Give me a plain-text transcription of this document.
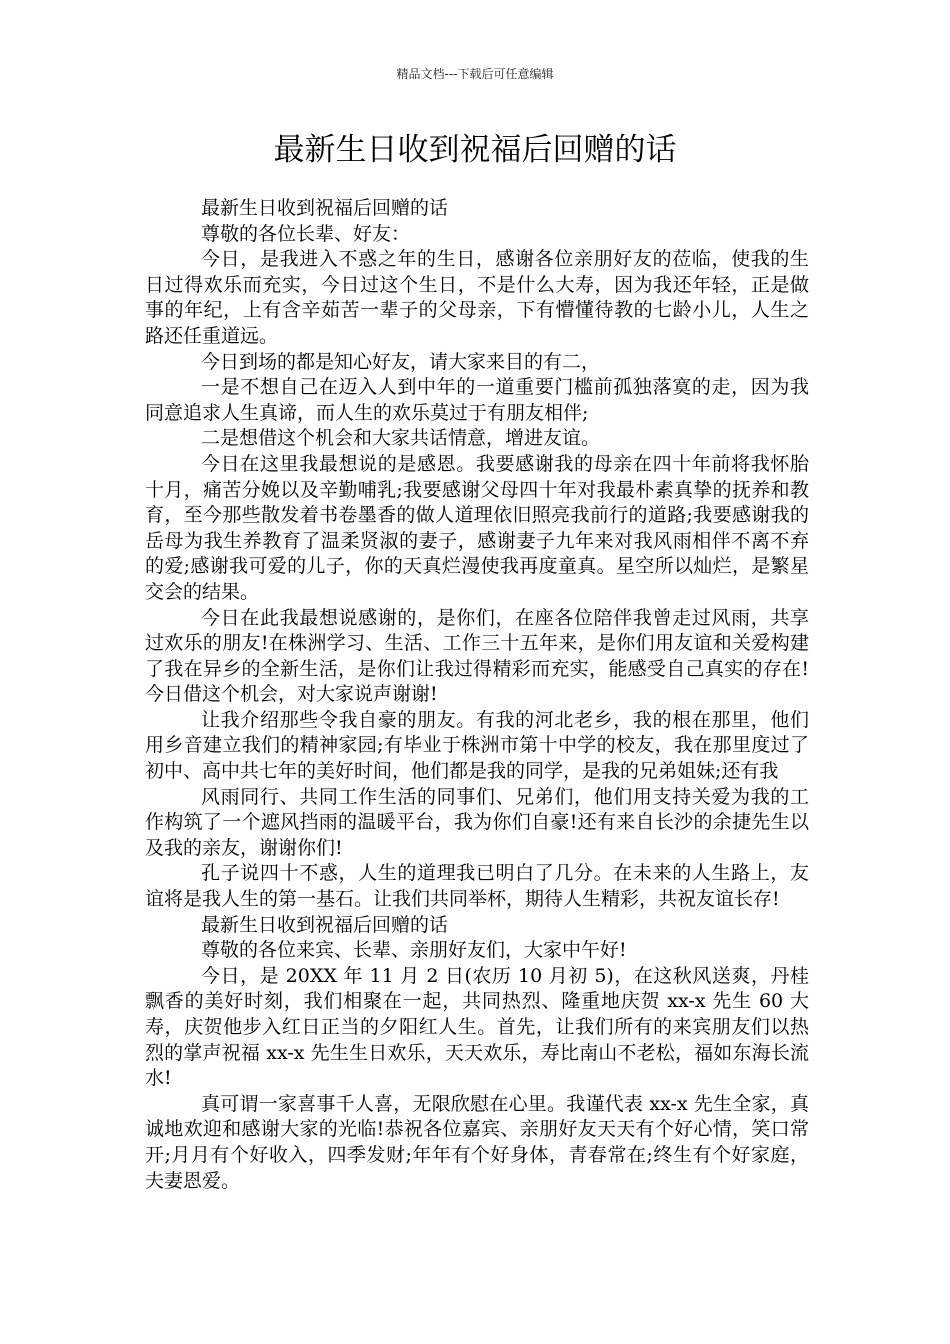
精品文档---下载后可任意编辑
最新生日收到祝福后回赠的话

最新生日收到祝福后回赠的话

尊敬的各位长辈、好友：

今日，是我进入不惑之年的生日，感谢各位亲朋好友的莅临，使我的生日过得欢乐而充实，今日过这个生日，不是什么大寿，因为我还年轻，正是做事的年纪，上有含辛茹苦一辈子的父母亲，下有懵懂待教的七龄小儿，人生之路还任重道远。

今日到场的都是知心好友，请大家来目的有二，

一是不想自己在迈入人到中年的一道重要门槛前孤独落寞的走，因为我同意追求人生真谛，而人生的欢乐莫过于有朋友相伴;

二是想借这个机会和大家共话情意，增进友谊。

今日在这里我最想说的是感恩。我要感谢我的母亲在四十年前将我怀胎十月，痛苦分娩以及辛勤哺乳;我要感谢父母四十年对我最朴素真挚的抚养和教育，至今那些散发着书卷墨香的做人道理依旧照亮我前行的道路;我要感谢我的岳母为我生养教育了温柔贤淑的妻子，感谢妻子九年来对我风雨相伴不离不弃的爱;感谢我可爱的儿子，你的天真烂漫使我再度童真。星空所以灿烂，是繁星交会的结果。

今日在此我最想说感谢的，是你们，在座各位陪伴我曾走过风雨，共享过欢乐的朋友!在株洲学习、生活、工作三十五年来，是你们用友谊和关爱构建了我在异乡的全新生活，是你们让我过得精彩而充实，能感受自己真实的存在!今日借这个机会，对大家说声谢谢!

让我介绍那些令我自豪的朋友。有我的河北老乡，我的根在那里，他们用乡音建立我们的精神家园;有毕业于株洲市第十中学的校友，我在那里度过了初中、高中共七年的美好时间，他们都是我的同学，是我的兄弟姐妹;还有我

风雨同行、共同工作生活的同事们、兄弟们，他们用支持关爱为我的工作构筑了一个遮风挡雨的温暖平台，我为你们自豪!还有来自长沙的余捷先生以及我的亲友，谢谢你们!

孔子说四十不惑，人生的道理我已明白了几分。在未来的人生路上，友谊将是我人生的第一基石。让我们共同举杯，期待人生精彩，共祝友谊长存!

最新生日收到祝福后回赠的话

尊敬的各位来宾、长辈、亲朋好友们，大家中午好!

今日，是 20XX 年 11 月 2 日(农历 10 月初 5)，在这秋风送爽，丹桂飘香的美好时刻，我们相聚在一起，共同热烈、隆重地庆贺 xx-x 先生 60 大寿，庆贺他步入红日正当的夕阳红人生。首先，让我们所有的来宾朋友们以热烈的掌声祝福 xx-x 先生生日欢乐，天天欢乐，寿比南山不老松，福如东海长流水!

真可谓一家喜事千人喜，无限欣慰在心里。我谨代表 xx-x 先生全家，真诚地欢迎和感谢大家的光临!恭祝各位嘉宾、亲朋好友天天有个好心情，笑口常开;月月有个好收入，四季发财;年年有个好身体，青春常在;终生有个好家庭，夫妻恩爱。
